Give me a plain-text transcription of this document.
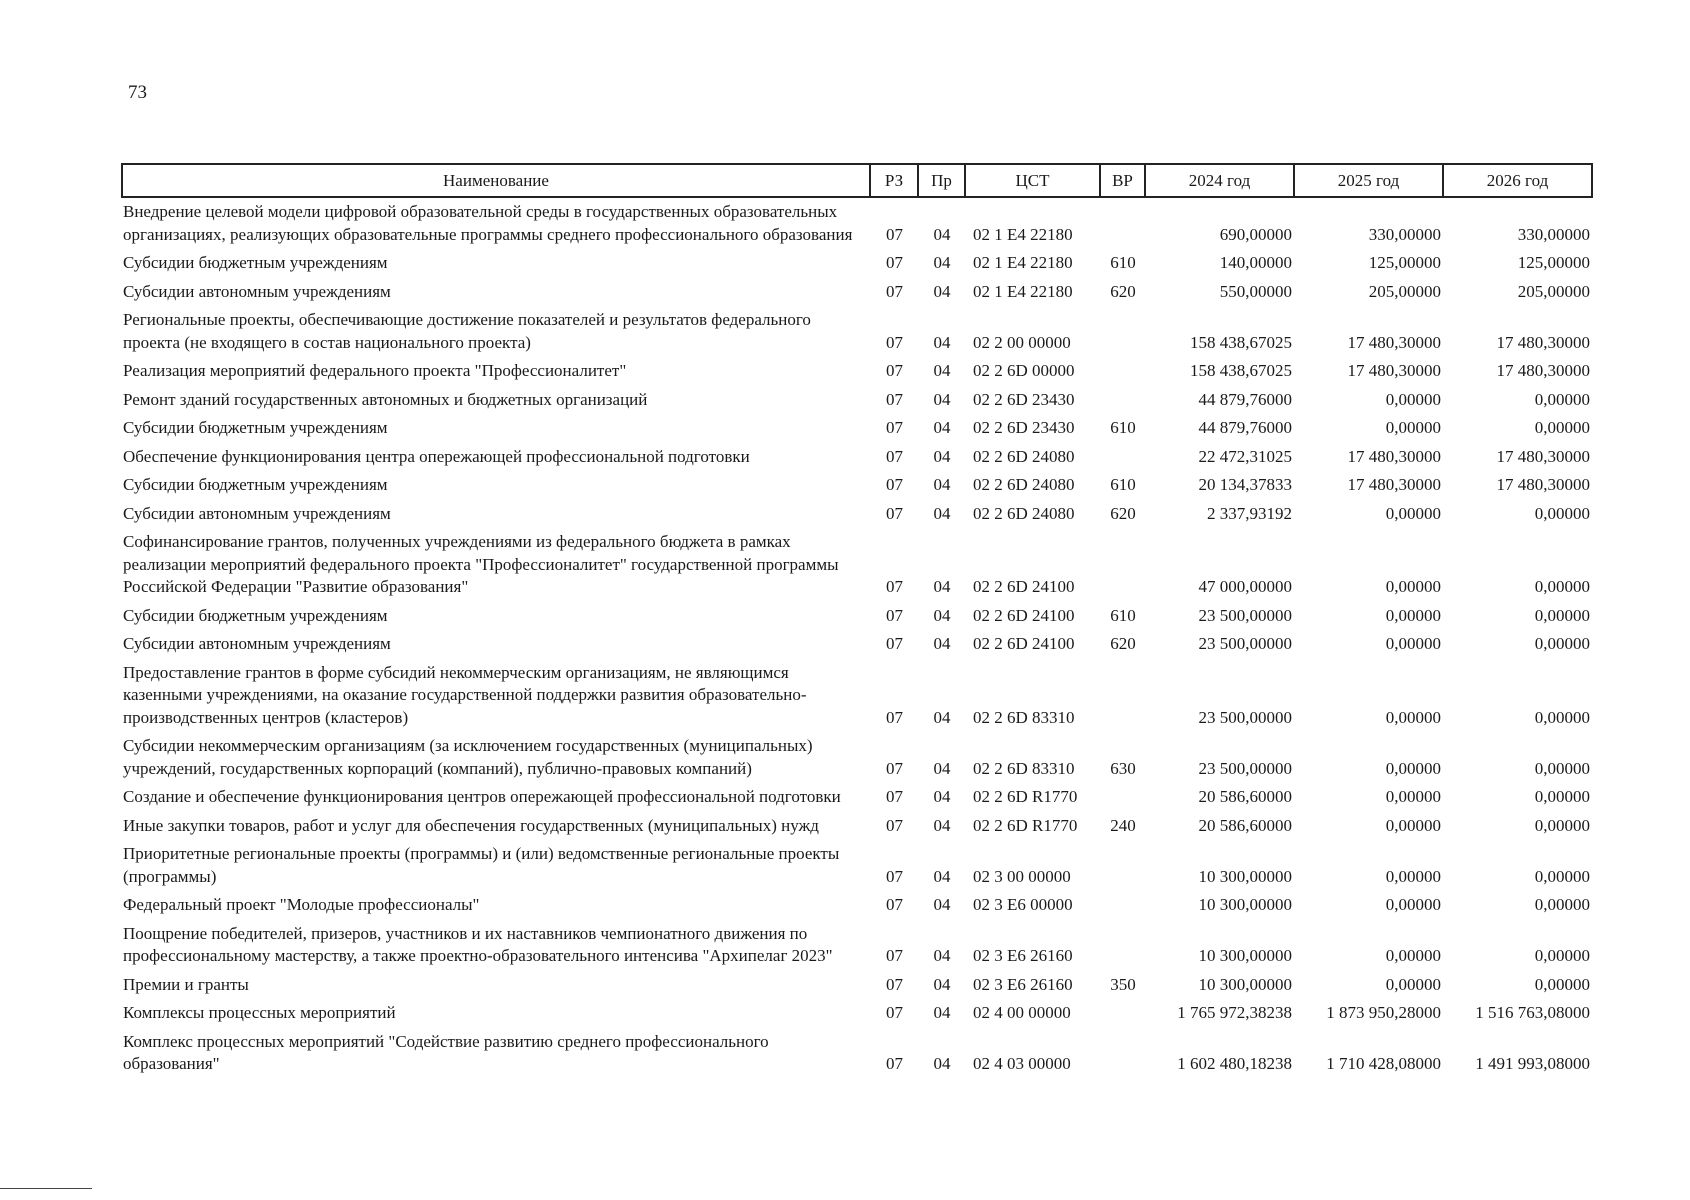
73
Наименование	РЗ	Пр	ЦСТ	ВР	2024 год	2025 год	2026 год
Внедрение целевой модели цифровой образовательной среды в государственных образовательных организациях, реализующих образовательные программы среднего профессионального образования	07	04	02 1 Е4 22180		690,00000	330,00000	330,00000
Субсидии бюджетным учреждениям	07	04	02 1 Е4 22180	610	140,00000	125,00000	125,00000
Субсидии автономным учреждениям	07	04	02 1 Е4 22180	620	550,00000	205,00000	205,00000
Региональные проекты, обеспечивающие достижение показателей и результатов федерального проекта (не входящего в состав национального проекта)	07	04	02 2 00 00000		158 438,67025	17 480,30000	17 480,30000
Реализация мероприятий федерального проекта "Профессионалитет"	07	04	02 2 6D 00000		158 438,67025	17 480,30000	17 480,30000
Ремонт зданий государственных автономных и бюджетных организаций	07	04	02 2 6D 23430		44 879,76000	0,00000	0,00000
Субсидии бюджетным учреждениям	07	04	02 2 6D 23430	610	44 879,76000	0,00000	0,00000
Обеспечение функционирования центра опережающей профессиональной подготовки	07	04	02 2 6D 24080		22 472,31025	17 480,30000	17 480,30000
Субсидии бюджетным учреждениям	07	04	02 2 6D 24080	610	20 134,37833	17 480,30000	17 480,30000
Субсидии автономным учреждениям	07	04	02 2 6D 24080	620	2 337,93192	0,00000	0,00000
Софинансирование грантов, полученных учреждениями из федерального бюджета в рамках реализации мероприятий федерального проекта "Профессионалитет" государственной программы Российской Федерации "Развитие образования"	07	04	02 2 6D 24100		47 000,00000	0,00000	0,00000
Субсидии бюджетным учреждениям	07	04	02 2 6D 24100	610	23 500,00000	0,00000	0,00000
Субсидии автономным учреждениям	07	04	02 2 6D 24100	620	23 500,00000	0,00000	0,00000
Предоставление грантов в форме субсидий некоммерческим организациям, не являющимся казенными учреждениями, на оказание государственной поддержки развития образовательно-производственных центров (кластеров)	07	04	02 2 6D 83310		23 500,00000	0,00000	0,00000
Субсидии некоммерческим организациям (за исключением государственных (муниципальных) учреждений, государственных корпораций (компаний), публично-правовых компаний)	07	04	02 2 6D 83310	630	23 500,00000	0,00000	0,00000
Создание и обеспечение функционирования центров опережающей профессиональной подготовки	07	04	02 2 6D R1770		20 586,60000	0,00000	0,00000
Иные закупки товаров, работ и услуг для обеспечения государственных (муниципальных) нужд	07	04	02 2 6D R1770	240	20 586,60000	0,00000	0,00000
Приоритетные региональные проекты (программы) и (или) ведомственные региональные проекты (программы)	07	04	02 3 00 00000		10 300,00000	0,00000	0,00000
Федеральный проект "Молодые профессионалы"	07	04	02 3 Е6 00000		10 300,00000	0,00000	0,00000
Поощрение победителей, призеров, участников и их наставников чемпионатного движения по профессиональному мастерству, а также проектно-образовательного интенсива "Архипелаг 2023"	07	04	02 3 Е6 26160		10 300,00000	0,00000	0,00000
Премии и гранты	07	04	02 3 Е6 26160	350	10 300,00000	0,00000	0,00000
Комплексы процессных мероприятий	07	04	02 4 00 00000		1 765 972,38238	1 873 950,28000	1 516 763,08000
Комплекс процессных мероприятий "Содействие развитию среднего профессионального образования"	07	04	02 4 03 00000		1 602 480,18238	1 710 428,08000	1 491 993,08000
